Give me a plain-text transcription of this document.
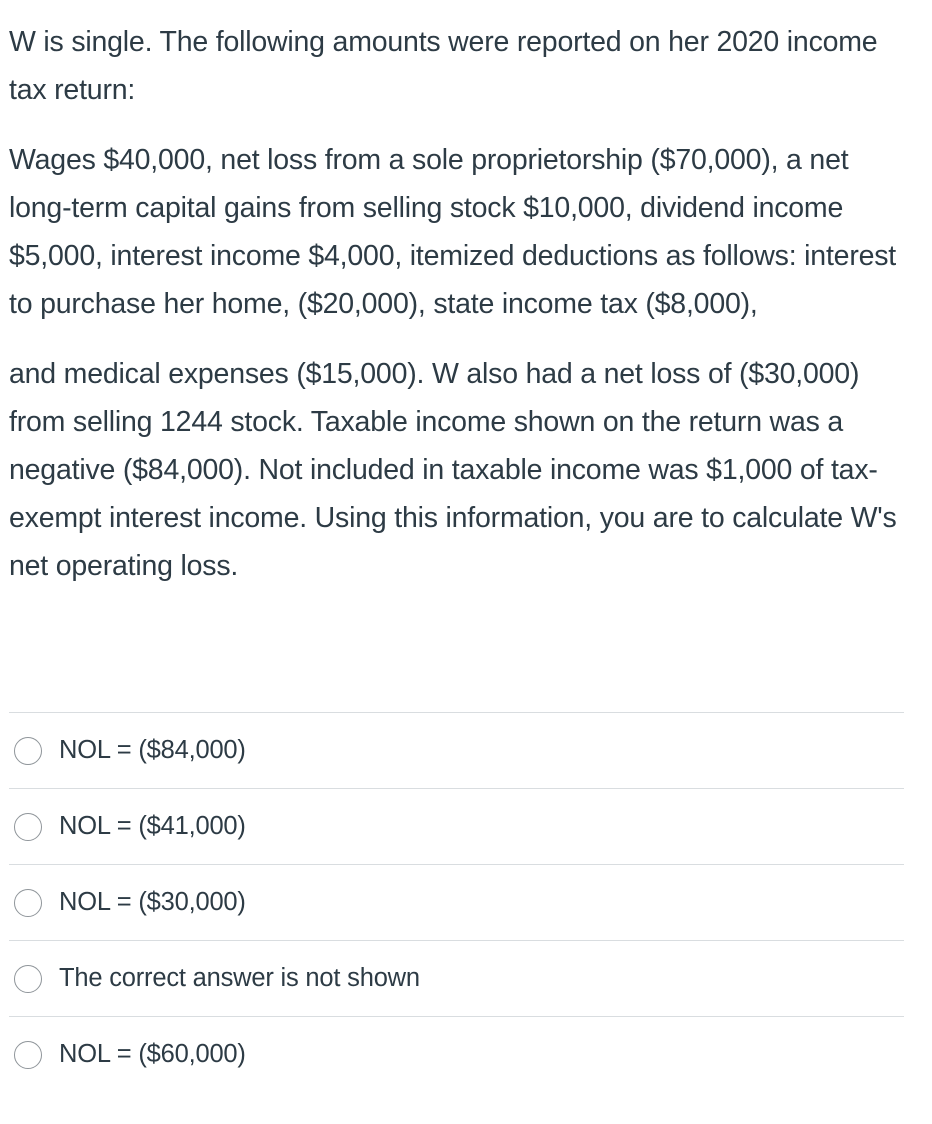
W is single. The following amounts were reported on her 2020 income tax return:

Wages $40,000, net loss from a sole proprietorship ($70,000), a net long-term capital gains from selling stock $10,000, dividend income $5,000, interest income $4,000, itemized deductions as follows: interest to purchase her home, ($20,000), state income tax ($8,000),

and medical expenses ($15,000). W also had a net loss of ($30,000) from selling 1244 stock. Taxable income shown on the return was a negative ($84,000). Not included in taxable income was $1,000 of tax-exempt interest income. Using this information, you are to calculate W's net operating loss.

NOL = ($84,000)
NOL = ($41,000)
NOL = ($30,000)
The correct answer is not shown
NOL = ($60,000)
